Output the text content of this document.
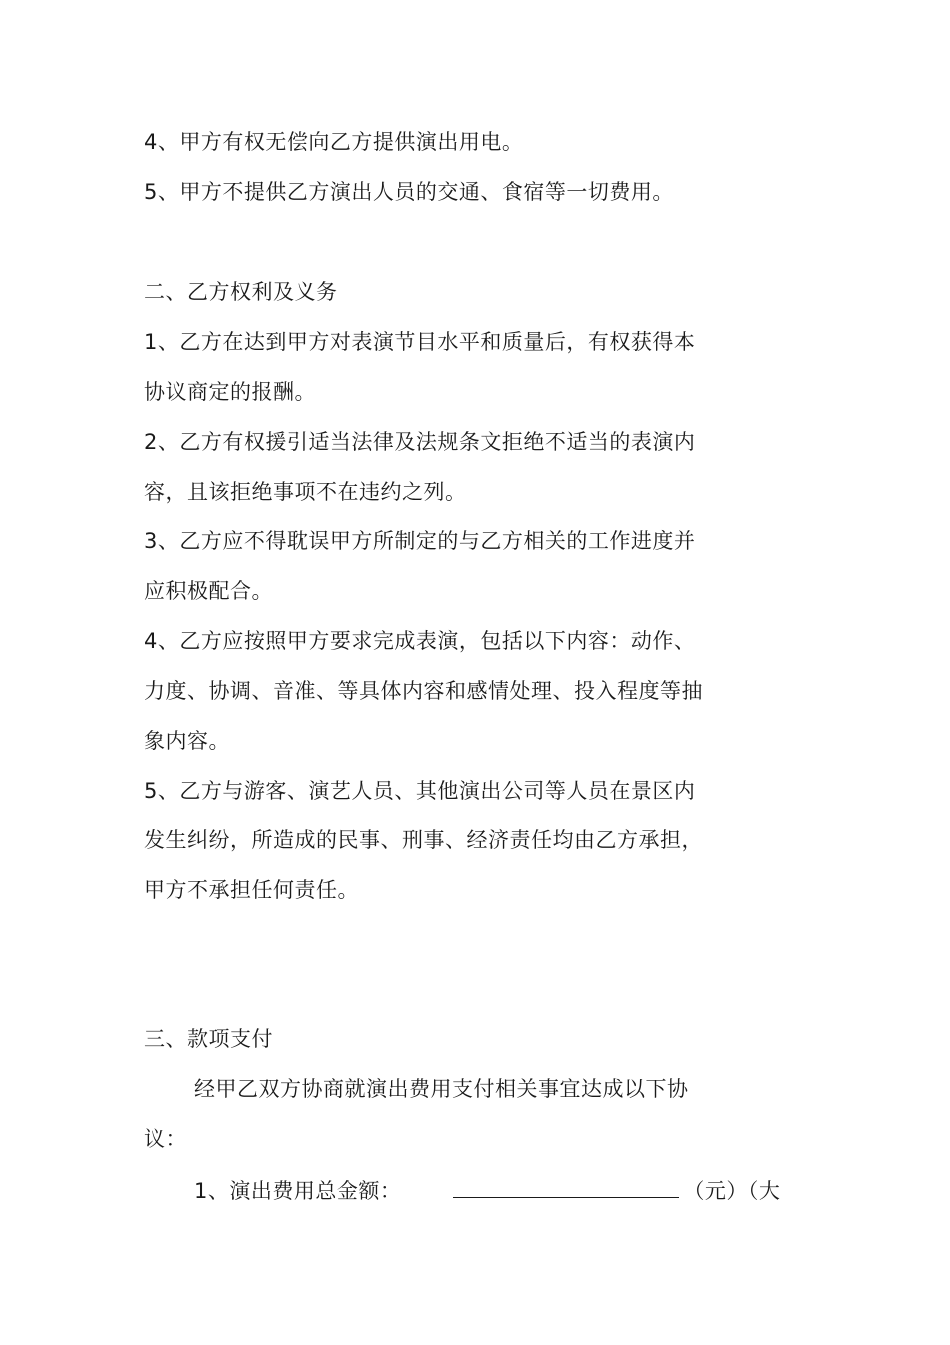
4、甲方有权无偿向乙方提供演出用电。
5、甲方不提供乙方演出人员的交通、食宿等一切费用。
二、乙方权利及义务
1、乙方在达到甲方对表演节目水平和质量后，有权获得本
协议商定的报酬。
2、乙方有权援引适当法律及法规条文拒绝不适当的表演内
容，且该拒绝事项不在违约之列。
3、乙方应不得耽误甲方所制定的与乙方相关的工作进度并
应积极配合。
4、乙方应按照甲方要求完成表演，包括以下内容：动作、
力度、协调、音准、等具体内容和感情处理、投入程度等抽
象内容。
5、乙方与游客、演艺人员、其他演出公司等人员在景区内
发生纠纷，所造成的民事、刑事、经济责任均由乙方承担，
甲方不承担任何责任。
三、款项支付
经甲乙双方协商就演出费用支付相关事宜达成以下协
议：
1、演出费用总金额：	（元）（大
